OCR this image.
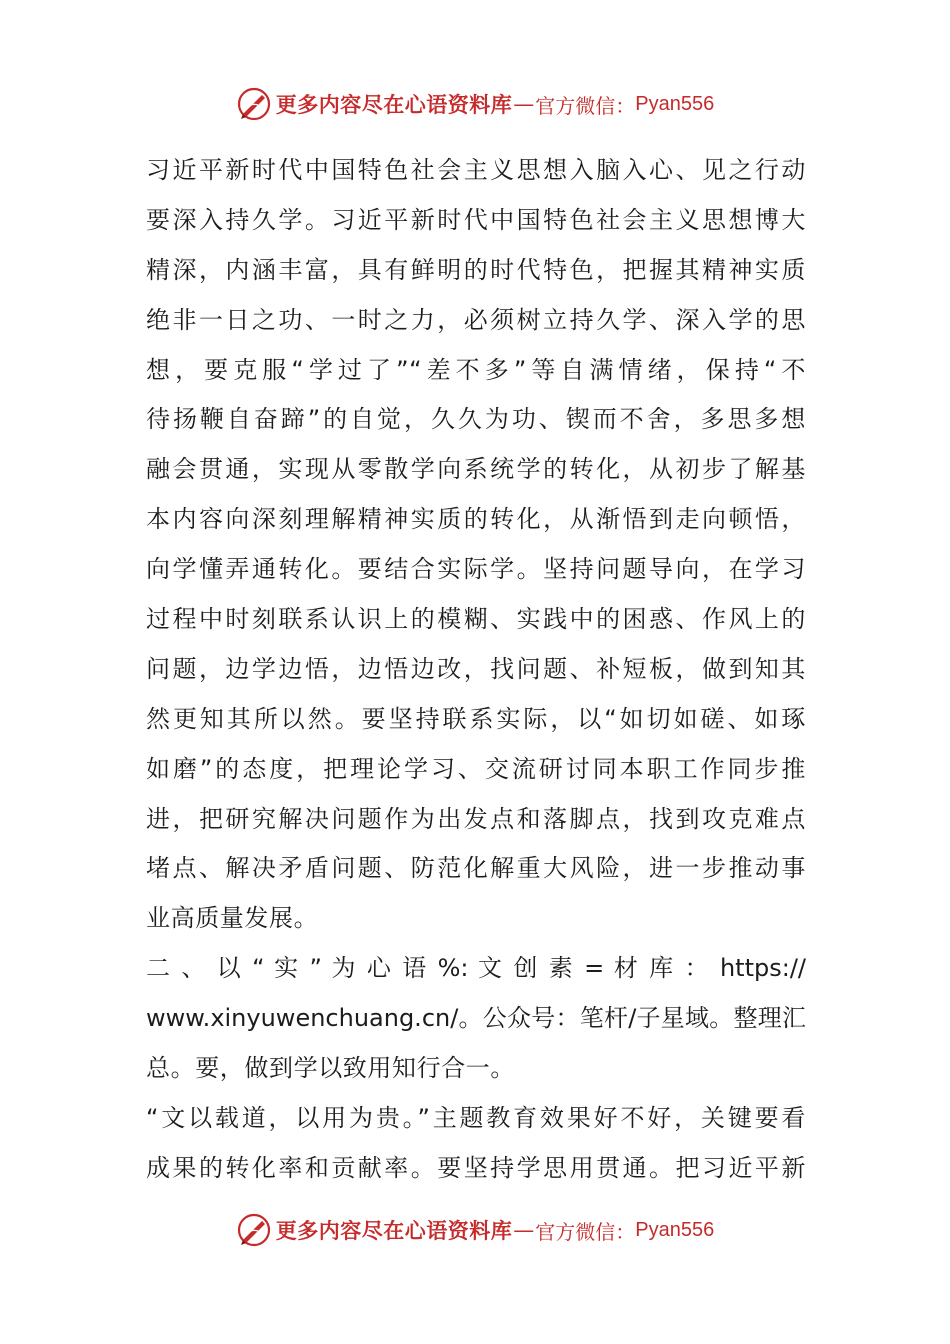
更多内容尽在心语资料库 — 官方微信： Pyan556
习近平新时代中国特色社会主义思想入脑入心、见之行动
要深入持久学。习近平新时代中国特色社会主义思想博大
精深，内涵丰富，具有鲜明的时代特色，把握其精神实质
绝非一日之功、一时之力，必须树立持久学、深入学的思
想，要克服“学过了”“差不多”等自满情绪，保持“不
待扬鞭自奋蹄”的自觉，久久为功、锲而不舍，多思多想
融会贯通，实现从零散学向系统学的转化，从初步了解基
本内容向深刻理解精神实质的转化，从渐悟到走向顿悟，
向学懂弄通转化。要结合实际学。坚持问题导向，在学习
过程中时刻联系认识上的模糊、实践中的困惑、作风上的
问题，边学边悟，边悟边改，找问题、补短板，做到知其
然更知其所以然。要坚持联系实际，以“如切如磋、如琢
如磨”的态度，把理论学习、交流研讨同本职工作同步推
进，把研究解决问题作为出发点和落脚点，找到攻克难点
堵点、解决矛盾问题、防范化解重大风险，进一步推动事
业高质量发展。
二 、 以 “ 实 ” 为 心 语 %: 文 创 素 = 材 库 ： https://
www.xinyuwenchuang.cn/。公众号：笔杆/子星域。整理汇
总。要，做到学以致用知行合一。
“文以载道，以用为贵。”主题教育效果好不好，关键要看
成果的转化率和贡献率。要坚持学思用贯通。把习近平新
更多内容尽在心语资料库 — 官方微信： Pyan556
